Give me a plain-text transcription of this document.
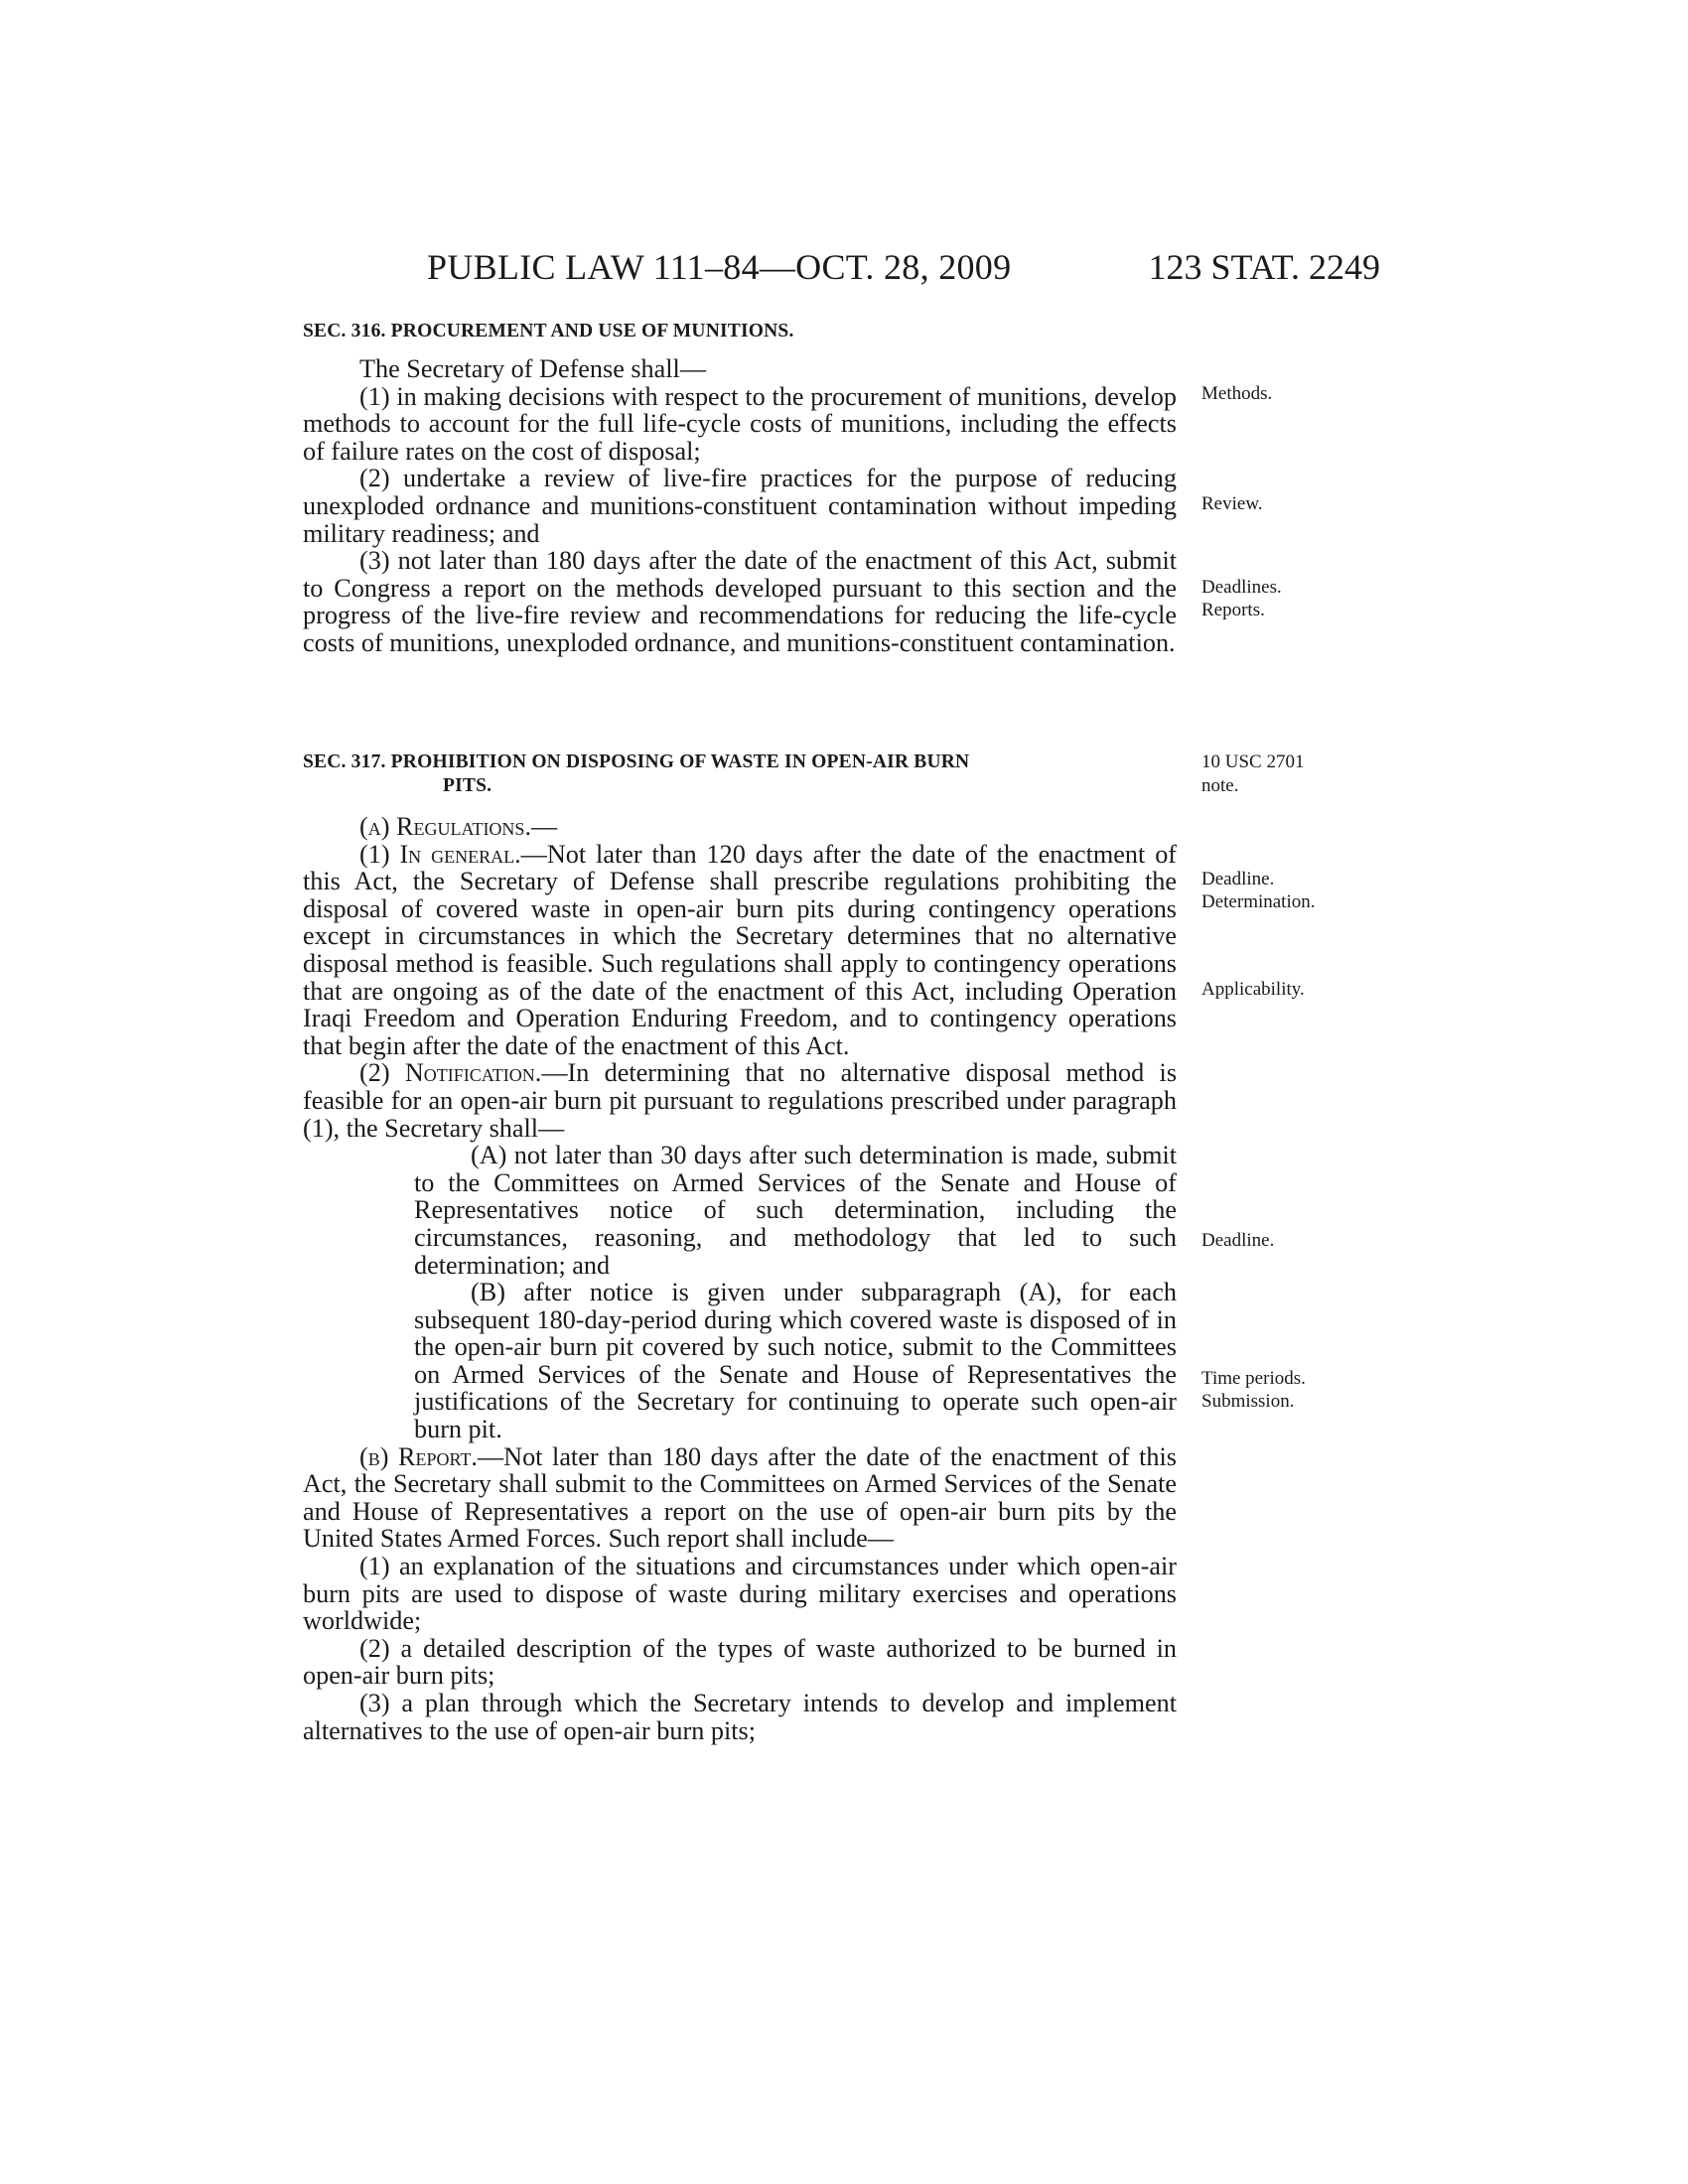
PUBLIC LAW 111–84—OCT. 28, 2009	123 STAT. 2249
SEC. 316. PROCUREMENT AND USE OF MUNITIONS.

The Secretary of Defense shall—

(1) in making decisions with respect to the procurement of munitions, develop methods to account for the full life-cycle costs of munitions, including the effects of failure rates on the cost of disposal;

(2) undertake a review of live-fire practices for the purpose of reducing unexploded ordnance and munitions-constituent contamination without impeding military readiness; and

(3) not later than 180 days after the date of the enactment of this Act, submit to Congress a report on the methods developed pursuant to this section and the progress of the live-fire review and recommendations for reducing the life-cycle costs of munitions, unexploded ordnance, and munitions-constituent contamination.

SEC. 317. PROHIBITION ON DISPOSING OF WASTE IN OPEN-AIR BURN
PITS.

(a) Regulations.—

(1) In general.—Not later than 120 days after the date of the enactment of this Act, the Secretary of Defense shall prescribe regulations prohibiting the disposal of covered waste in open-air burn pits during contingency operations except in circumstances in which the Secretary determines that no alternative disposal method is feasible. Such regulations shall apply to contingency operations that are ongoing as of the date of the enactment of this Act, including Operation Iraqi Freedom and Operation Enduring Freedom, and to contingency operations that begin after the date of the enactment of this Act.

(2) Notification.—In determining that no alternative disposal method is feasible for an open-air burn pit pursuant to regulations prescribed under paragraph (1), the Secretary shall—

(A) not later than 30 days after such determination is made, submit to the Committees on Armed Services of the Senate and House of Representatives notice of such determination, including the circumstances, reasoning, and methodology that led to such determination; and

(B) after notice is given under subparagraph (A), for each subsequent 180-day-period during which covered waste is disposed of in the open-air burn pit covered by such notice, submit to the Committees on Armed Services of the Senate and House of Representatives the justifications of the Secretary for continuing to operate such open-air burn pit.

(b) Report.—Not later than 180 days after the date of the enactment of this Act, the Secretary shall submit to the Committees on Armed Services of the Senate and House of Representatives a report on the use of open-air burn pits by the United States Armed Forces. Such report shall include—

(1) an explanation of the situations and circumstances under which open-air burn pits are used to dispose of waste during military exercises and operations worldwide;

(2) a detailed description of the types of waste authorized to be burned in open-air burn pits;

(3) a plan through which the Secretary intends to develop and implement alternatives to the use of open-air burn pits;

Methods.
Review.
Deadlines.
Reports.
10 USC 2701
note.
Deadline.
Determination.
Applicability.
Deadline.
Time periods.
Submission.
